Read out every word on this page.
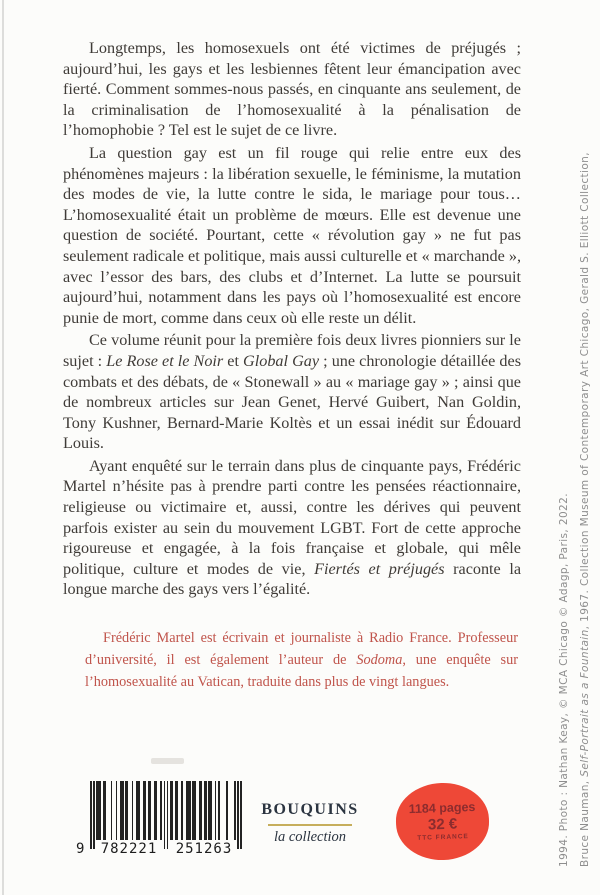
Longtemps, les homosexuels ont été victimes de préjugés ; aujourd’hui, les gays et les lesbiennes fêtent leur émancipation avec fierté. Comment sommes-nous passés, en cinquante ans seulement, de la criminalisation de l’homosexualité à la pénalisation de l’homophobie ? Tel est le sujet de ce livre.

La question gay est un fil rouge qui relie entre eux des phénomènes majeurs : la libération sexuelle, le féminisme, la mutation des modes de vie, la lutte contre le sida, le mariage pour tous… L’homosexualité était un problème de mœurs. Elle est devenue une question de société. Pourtant, cette « révolution gay » ne fut pas seulement radicale et politique, mais aussi culturelle et « marchande », avec l’essor des bars, des clubs et d’Internet. La lutte se poursuit aujourd’hui, notamment dans les pays où l’homosexualité est encore punie de mort, comme dans ceux où elle reste un délit.

Ce volume réunit pour la première fois deux livres pionniers sur le sujet : Le Rose et le Noir et Global Gay ; une chronologie détaillée des combats et des débats, de « Stonewall » au « mariage gay » ; ainsi que de nombreux articles sur Jean Genet, Hervé Guibert, Nan Goldin, Tony Kushner, Bernard-Marie Koltès et un essai inédit sur Édouard Louis.

Ayant enquêté sur le terrain dans plus de cinquante pays, Frédéric Martel n’hésite pas à prendre parti contre les pensées réactionnaire, religieuse ou victimaire et, aussi, contre les dérives qui peuvent parfois exister au sein du mouvement LGBT. Fort de cette approche rigoureuse et engagée, à la fois française et globale, qui mêle politique, culture et modes de vie, Fiertés et préjugés raconte la longue marche des gays vers l’égalité.

Frédéric Martel est écrivain et journaliste à Radio France. Professeur d’université, il est également l’auteur de Sodoma, une enquête sur l’homosexualité au Vatican, traduite dans plus de vingt langues.
Bruce Nauman, Self-Portrait as a Fountain, 1967. Collection Museum of Contemporary Art Chicago, Gerald S. Elliott Collection,
1994. Photo : Nathan Keay, © MCA Chicago © Adagp, Paris, 2022.
9 782221 251263
BOUQUINS
la collection
1184 pages
32 €
TTC FRANCE
